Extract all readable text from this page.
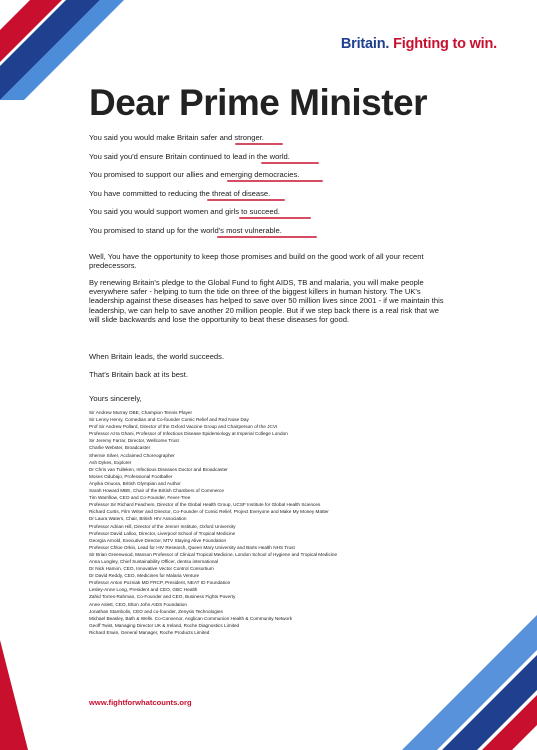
Britain. Fighting to win.
Dear Prime Minister
You said you would make Britain safer and stronger.
You said you'd ensure Britain continued to lead in the world.
You promised to support our allies and emerging democracies.
You have committed to reducing the threat of disease.
You said you would support women and girls to succeed.
You promised to stand up for the world's most vulnerable.

Well, You have the opportunity to keep those promises and build on the good work of all your recent predecessors.

By renewing Britain's pledge to the Global Fund to fight AIDS, TB and malaria, you will make people everywhere safer - helping to turn the tide on three of the biggest killers in human history. The UK's leadership against these diseases has helped to save over 50 million lives since 2001 - if we maintain this leadership, we can help to save another 20 million people. But if we step back there is a real risk that we will slide backwards and lose the opportunity to beat these diseases for good.

When Britain leads, the world succeeds.

That's Britain back at its best.

Yours sincerely,

Sir Andrew Murray OBE, Champion Tennis Player
Sir Lenny Henry, Comedian and Co-founder Comic Relief and Red Nose Day
Prof Sir Andrew Pollard, Director of the Oxford Vaccine Group and Chairperson of the JCVI
Professor Azra Ghani, Professor of Infectious Disease Epidemiology at Imperial College London
Sir Jeremy Farrar, Director, Wellcome Trust
Charlie Webster, Broadcaster
Shernie Silver, Acclaimed Choreographer
Ash Dykes, Explorer
Dr Chris van Tulleken, Infectious Diseases Doctor and Broadcaster
Moses Odubajo, Professional Footballer
Anyika Onuora, British Olympian and Author
Sarah Howard MBE, Chair of the British Chambers of Commerce
Tim Warrillow, CEO and Co-Founder, Fever-Tree
Professor Sir Richard Feachem, Director of the Global Health Group, UCSF Institute for Global Health Sciences
Richard Curtis, Film Writer and Director, Co-Founder of Comic Relief, Project Everyone and Make My Money Matter
Dr Laura Waters, Chair, British HIV Association
Professor Adrian Hill, Director of the Jenner Institute, Oxford University
Professor David Lalloo, Director, Liverpool School of Tropical Medicine
Georgia Arnold, Executive Director, MTV Staying Alive Foundation
Professor Chloe Orkin, Lead for HIV Research, Queen Mary University and Barts Health NHS Trust
Sir Brian Greenwood, Manson Professor of Clinical Tropical Medicine, London School of Hygiene and Tropical Medicine
Anna Lungley, Chief Sustainability Officer, dentsu international
Dr Nick Hamon, CEO, Innovative Vector Control Consortium
Dr David Reddy, CEO, Medicines for Malaria Venture
Professor Anton Pozniak MD FRCP, President, NEAT ID Foundation
Lesley-Anne Long, President and CEO, GBC Health
Zahid Torres-Rahman, Co-Founder and CEO, Business Fights Poverty
Anne Aslett, CEO, Elton John AIDS Foundation
Jonathan Stambolis, CEO and co-founder, Zenysis Technologies
Michael Beasley, Bath & Wells. Co-Convenor, Anglican Communion Health & Community Network
Geoff Twist, Managing Director UK & Ireland, Roche Diagnostics Limited
Richard Erwin, General Manager, Roche Products Limited
www.fightforwhatcounts.org
